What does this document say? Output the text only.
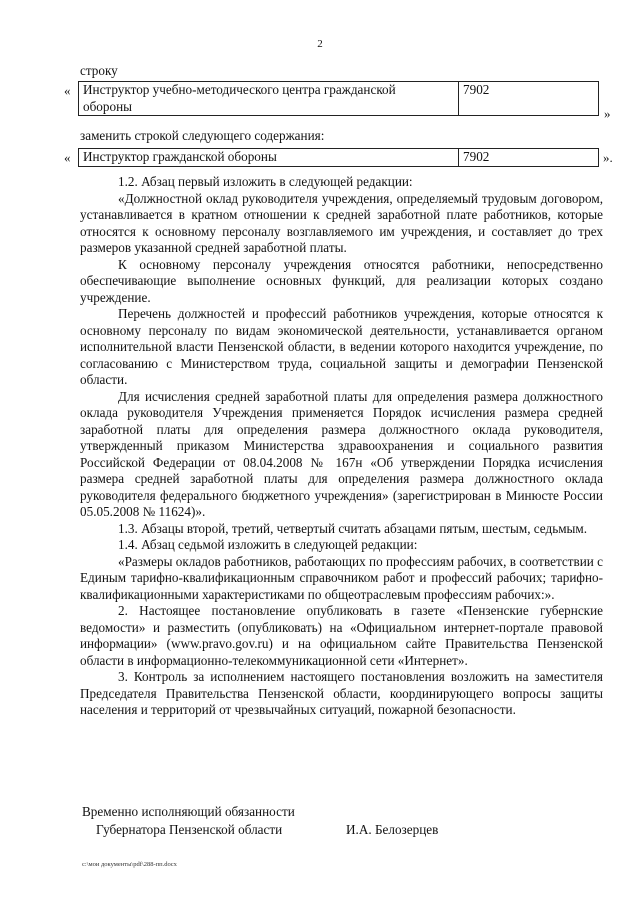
2
строку
« Инструктор учебно-методического центра гражданской
обороны
	7902
»
заменить строкой следующего содержания:
« Инструктор гражданской обороны	7902	».

1.2. Абзац первый изложить в следующей редакции:

«Должностной оклад руководителя учреждения, определяемый трудовым договором, устанавливается в кратном отношении к средней заработной плате работников, которые относятся к основному персоналу возглавляемого им учреждения, и составляет до трех размеров указанной средней заработной платы.

К основному персоналу учреждения относятся работники, непосредственно обеспечивающие выполнение основных функций, для реализации которых создано учреждение.

Перечень должностей и профессий работников учреждения, которые относятся к основному персоналу по видам экономической деятельности, устанавливается органом исполнительной власти Пензенской области, в ведении которого находится учреждение, по согласованию с Министерством труда, социальной защиты и демографии Пензенской области.

Для исчисления средней заработной платы для определения размера должностного оклада руководителя Учреждения применяется Порядок исчисления размера средней заработной платы для определения размера должностного оклада руководителя, утвержденный приказом Министерства здравоохранения и социального развития Российской Федерации от 08.04.2008 № 167н «Об утверждении Порядка исчисления размера средней заработной платы для определения размера должностного оклада руководителя федерального бюджетного учреждения» (зарегистрирован в Минюсте России 05.05.2008 № 11624)».

1.3. Абзацы второй, третий, четвертый считать абзацами пятым, шестым, седьмым.

1.4. Абзац седьмой изложить в следующей редакции:

«Размеры окладов работников, работающих по профессиям рабочих, в соответствии с Единым тарифно-квалификационным справочником работ и профессий рабочих; тарифно-квалификационными характеристиками по общеотраслевым профессиям рабочих:».

2. Настоящее постановление опубликовать в газете «Пензенские губернские ведомости» и разместить (опубликовать) на «Официальном интернет-портале правовой информации» (www.pravo.gov.ru) и на официальном сайте Правительства Пензенской области в информационно-телекоммуникационной сети «Интернет».

3. Контроль за исполнением настоящего постановления возложить на заместителя Председателя Правительства Пензенской области, координирующего вопросы защиты населения и территорий от чрезвычайных ситуаций, пожарной безопасности.

Временно исполняющий обязанности
Губернатора Пензенской области	И.А. Белозерцев
c:\мои документы\pdf\288-пп.docx
